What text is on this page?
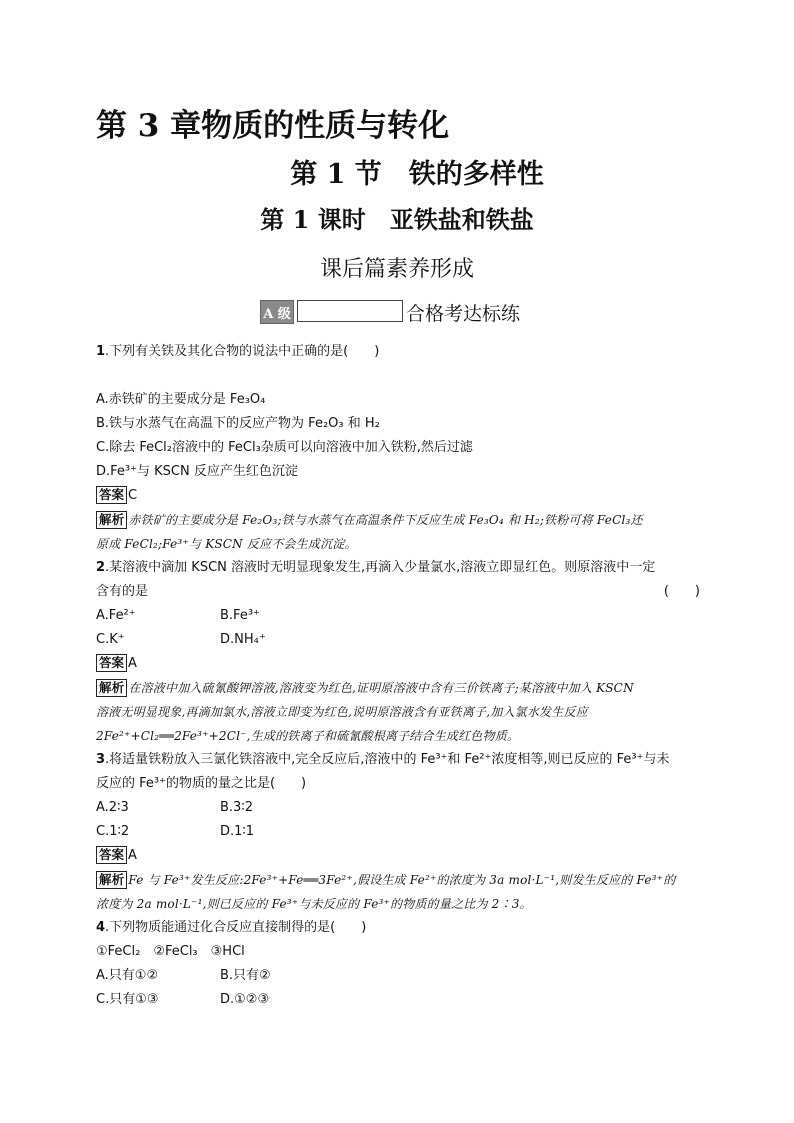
第 3 章物质的性质与转化
第 1 节　铁的多样性
第 1 课时　亚铁盐和铁盐
课后篇素养形成
A 级	合格考达标练

1.下列有关铁及其化合物的说法中正确的是(　　)

A.赤铁矿的主要成分是 Fe₃O₄

B.铁与水蒸气在高温下的反应产物为 Fe₂O₃ 和 H₂

C.除去 FeCl₂溶液中的 FeCl₃杂质可以向溶液中加入铁粉,然后过滤

D.Fe³⁺与 KSCN 反应产生红色沉淀

答案 C

解析 赤铁矿的主要成分是 Fe₂O₃;铁与水蒸气在高温条件下反应生成 Fe₃O₄ 和 H₂;铁粉可将 FeCl₃还
原成 FeCl₂;Fe³⁺与 KSCN 反应不会生成沉淀。

2.某溶液中滴加 KSCN 溶液时无明显现象发生,再滴入少量氯水,溶液立即显红色。则原溶液中一定

含有的是	(　　)

A.Fe²⁺	B.Fe³⁺
C.K⁺	D.NH₄⁺

答案 A

解析 在溶液中加入硫氰酸钾溶液,溶液变为红色,证明原溶液中含有三价铁离子;某溶液中加入 KSCN
溶液无明显现象,再滴加氯水,溶液立即变为红色,说明原溶液含有亚铁离子,加入氯水发生反应
2Fe²⁺+Cl₂══2Fe³⁺+2Cl⁻,生成的铁离子和硫氰酸根离子结合生成红色物质。

3.将适量铁粉放入三氯化铁溶液中,完全反应后,溶液中的 Fe³⁺和 Fe²⁺浓度相等,则已反应的 Fe³⁺与未

反应的 Fe³⁺的物质的量之比是(　　)

A.2∶3	B.3∶2
C.1∶2	D.1∶1

答案 A

解析 Fe 与 Fe³⁺发生反应:2Fe³⁺+Fe══3Fe²⁺,假设生成 Fe²⁺的浓度为 3a mol·L⁻¹,则发生反应的 Fe³⁺的
浓度为 2a mol·L⁻¹,则已反应的 Fe³⁺与未反应的 Fe³⁺的物质的量之比为 2∶3。

4.下列物质能通过化合反应直接制得的是(　　)

①FeCl₂　②FeCl₃　③HCl

A.只有①②	B.只有②
C.只有①③	D.①②③
